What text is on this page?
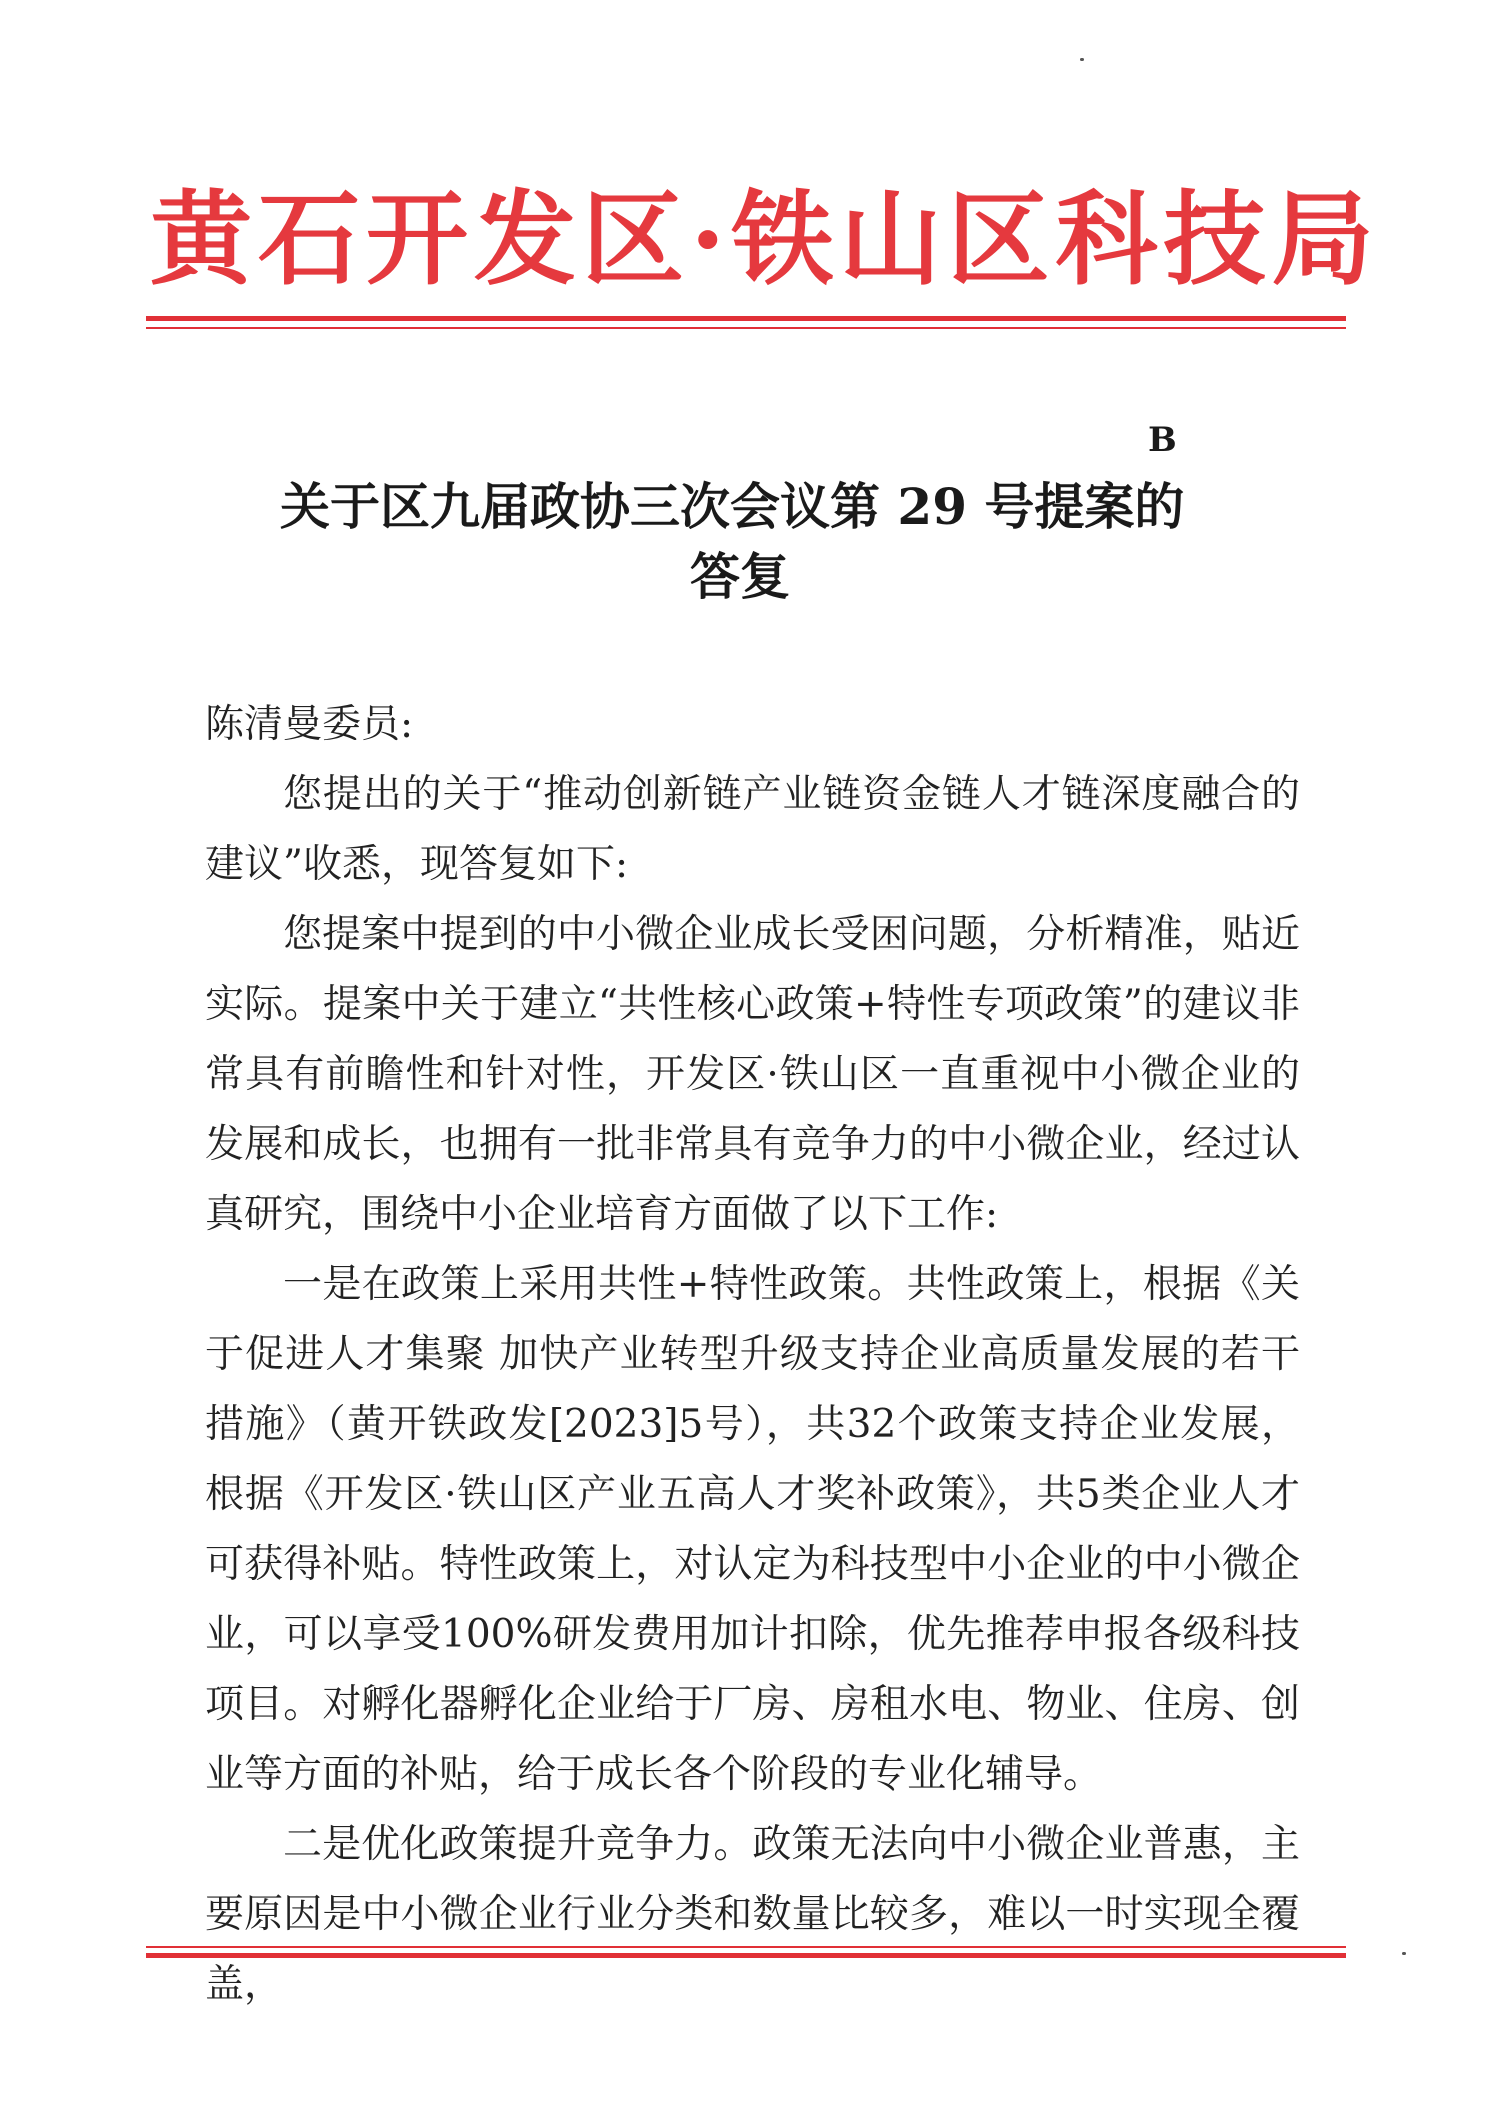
黄石开发区·铁山区科技局
B
关于区九届政协三次会议第 29 号提案的
答复

陈清曼委员:

您提出的关于“推动创新链产业链资金链人才链深度融合的建议”收悉，现答复如下:

您提案中提到的中小微企业成长受困问题，分析精准，贴近实际。提案中关于建立“共性核心政策+特性专项政策”的建议非常具有前瞻性和针对性，开发区·铁山区一直重视中小微企业的发展和成长，也拥有一批非常具有竞争力的中小微企业，经过认真研究，围绕中小企业培育方面做了以下工作:

一是在政策上采用共性+特性政策。共性政策上，根据《关于促进人才集聚 加快产业转型升级支持企业高质量发展的若干措施》（黄开铁政发[2023]5号），共32个政策支持企业发展，根据《开发区·铁山区产业五高人才奖补政策》，共5类企业人才可获得补贴。特性政策上，对认定为科技型中小企业的中小微企业，可以享受100%研发费用加计扣除，优先推荐申报各级科技项目。对孵化器孵化企业给于厂房、房租水电、物业、住房、创业等方面的补贴，给于成长各个阶段的专业化辅导。

二是优化政策提升竞争力。政策无法向中小微企业普惠，主要原因是中小微企业行业分类和数量比较多，难以一时实现全覆盖，
